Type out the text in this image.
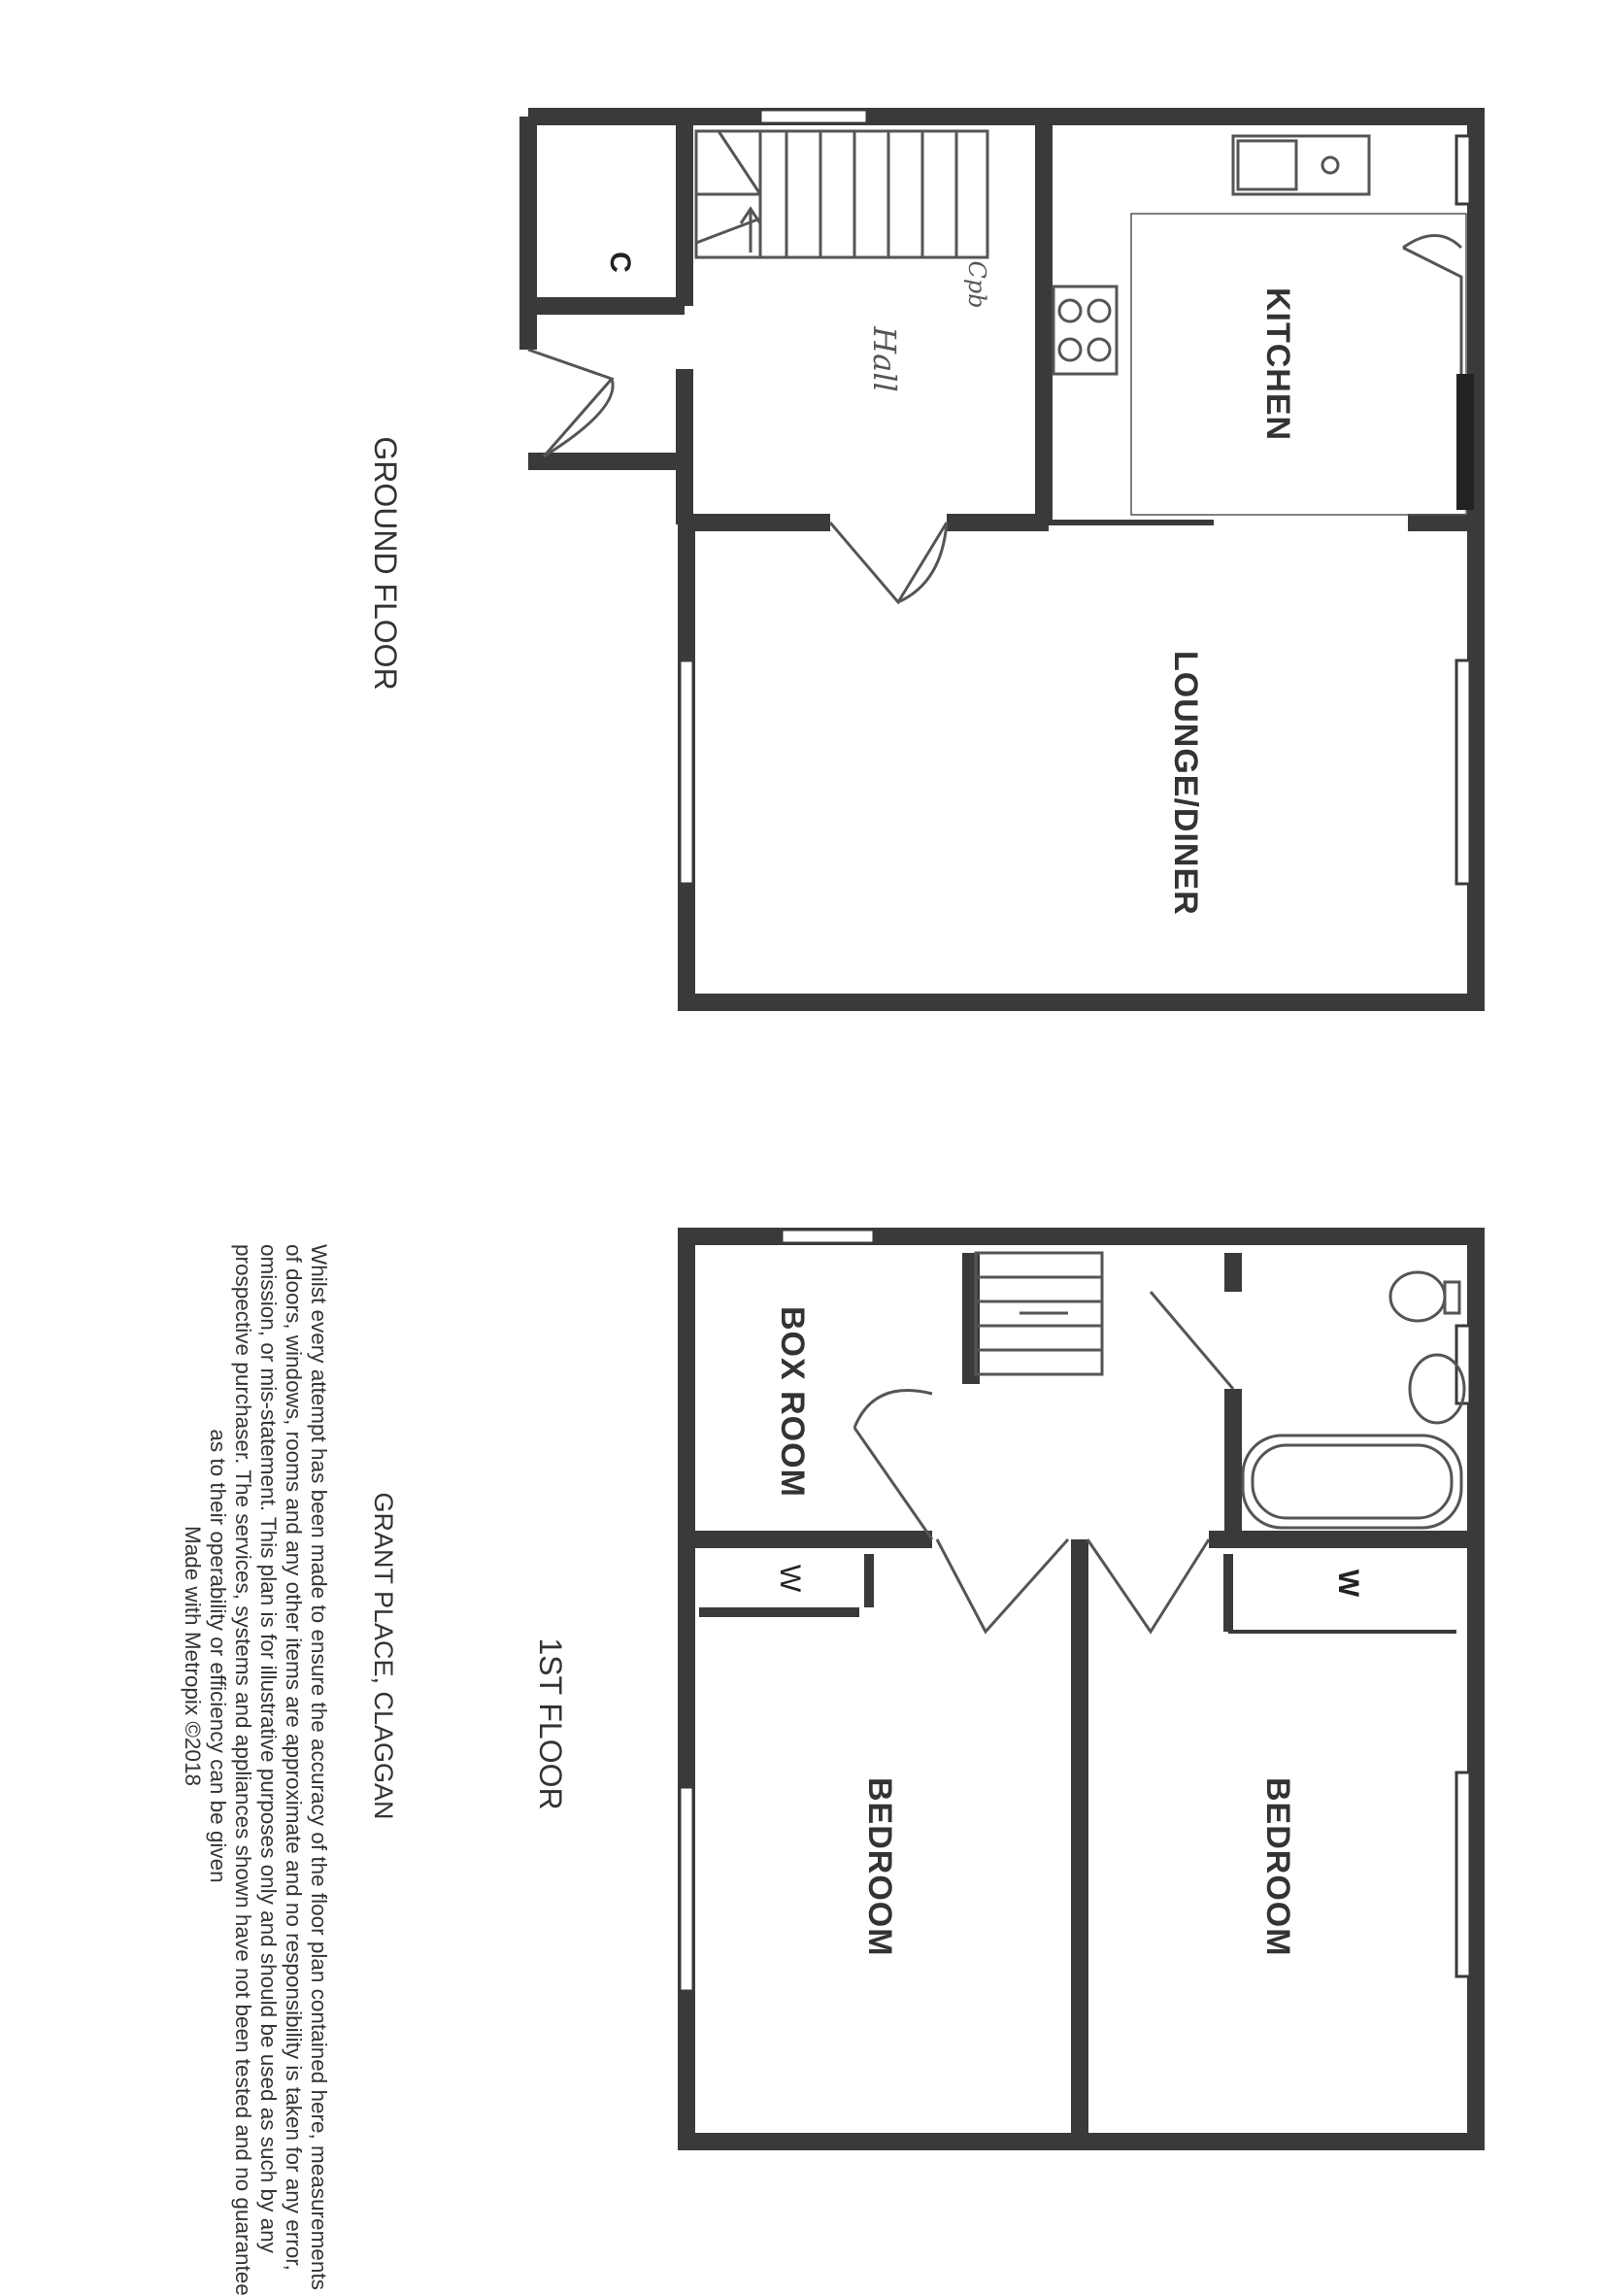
GROUND FLOOR
1ST FLOOR
KITCHEN
LOUNGE/DINER
Hall
Cpb
C
BOX ROOM
BEDROOM	BEDROOM
W	W
GRANT PLACE, CLAGGAN
Whilst every attempt has been made to ensure the accuracy of the floor plan contained here, measurements
of doors, windows, rooms and any other items are approximate and no responsibility is taken for any error,
omission, or mis-statement. This plan is for illustrative purposes only and should be used as such by any
prospective purchaser. The services, systems and appliances shown have not been tested and no guarantee
as to their operability or efficiency can be given
Made with Metropix ©2018
